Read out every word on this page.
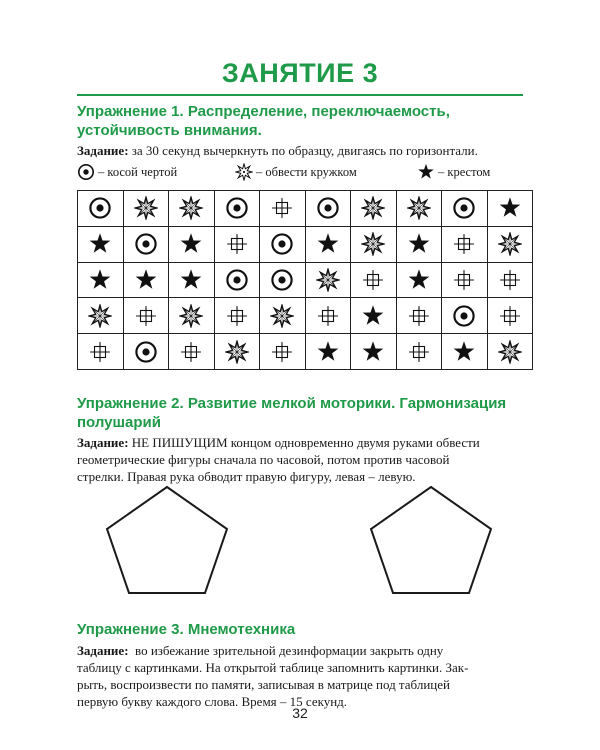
ЗАНЯТИЕ 3
Упражнение 1. Распределение, переключаемость,
устойчивость внимания.
Задание: за 30 секунд вычеркнуть по образцу, двигаясь по горизонтали.
– косой чертой	– обвести кружком	– крестом
Упражнение 2. Развитие мелкой моторики. Гармонизация
полушарий
Задание: НЕ ПИШУЩИМ концом одновременно двумя руками обвести
геометрические фигуры сначала по часовой, потом против часовой
стрелки. Правая рука обводит правую фигуру, левая – левую.
Упражнение 3. Мнемотехника
Задание: во избежание зрительной дезинформации закрыть одну
таблицу с картинками. На открытой таблице запомнить картинки. Зак-
рыть, воспроизвести по памяти, записывая в матрице под таблицей
первую букву каждого слова. Время – 15 секунд.
32
